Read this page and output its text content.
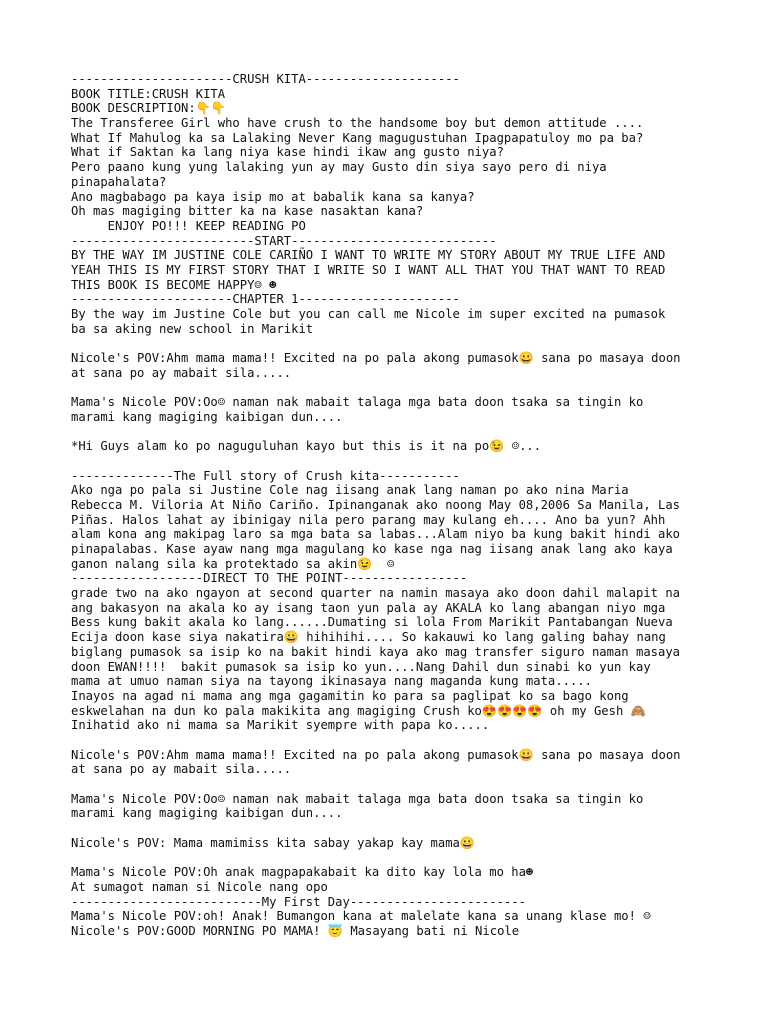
----------------------CRUSH KITA---------------------
BOOK TITLE:CRUSH KITA
BOOK DESCRIPTION:👇👇
The Transferee Girl who have crush to the handsome boy but demon attitude ....
What If Mahulog ka sa Lalaking Never Kang magugustuhan Ipagpapatuloy mo pa ba?
What if Saktan ka lang niya kase hindi ikaw ang gusto niya?
Pero paano kung yung lalaking yun ay may Gusto din siya sayo pero di niya
pinapahalata?
Ano magbabago pa kaya isip mo at babalik kana sa kanya?
Oh mas magiging bitter ka na kase nasaktan kana?
ENJOY PO!!! KEEP READING PO
-------------------------START----------------------------
BY THE WAY IM JUSTINE COLE CARIÑO I WANT TO WRITE MY STORY ABOUT MY TRUE LIFE AND
YEAH THIS IS MY FIRST STORY THAT I WRITE SO I WANT ALL THAT YOU THAT WANT TO READ
THIS BOOK IS BECOME HAPPY☺ ☻
----------------------CHAPTER 1----------------------
By the way im Justine Cole but you can call me Nicole im super excited na pumasok
ba sa aking new school in Marikit
Nicole's POV:Ahm mama mama!! Excited na po pala akong pumasok😀 sana po masaya doon
at sana po ay mabait sila.....
Mama's Nicole POV:Oo☺ naman nak mabait talaga mga bata doon tsaka sa tingin ko
marami kang magiging kaibigan dun....
*Hi Guys alam ko po naguguluhan kayo but this is it na po😉 ☺...
--------------The Full story of Crush kita-----------
Ako nga po pala si Justine Cole nag iisang anak lang naman po ako nina Maria
Rebecca M. Viloria At Niño Cariño. Ipinanganak ako noong May 08,2006 Sa Manila, Las
Piñas. Halos lahat ay ibinigay nila pero parang may kulang eh.... Ano ba yun? Ahh
alam kona ang makipag laro sa mga bata sa labas...Alam niyo ba kung bakit hindi ako
pinapalabas. Kase ayaw nang mga magulang ko kase nga nag iisang anak lang ako kaya
ganon nalang sila ka protektado sa akin😉  ☺
------------------DIRECT TO THE POINT-----------------
grade two na ako ngayon at second quarter na namin masaya ako doon dahil malapit na
ang bakasyon na akala ko ay isang taon yun pala ay AKALA ko lang abangan niyo mga
Bess kung bakit akala ko lang......Dumating si lola From Marikit Pantabangan Nueva
Ecija doon kase siya nakatira😀 hihihihi.... So kakauwi ko lang galing bahay nang
biglang pumasok sa isip ko na bakit hindi kaya ako mag transfer siguro naman masaya
doon EWAN!!!!  bakit pumasok sa isip ko yun....Nang Dahil dun sinabi ko yun kay
mama at umuo naman siya na tayong ikinasaya nang maganda kung mata.....
Inayos na agad ni mama ang mga gagamitin ko para sa paglipat ko sa bago kong
eskwelahan na dun ko pala makikita ang magiging Crush ko😍😍😍😍 oh my Gesh 🙈
Inihatid ako ni mama sa Marikit syempre with papa ko.....
Nicole's POV:Ahm mama mama!! Excited na po pala akong pumasok😀 sana po masaya doon
at sana po ay mabait sila.....
Mama's Nicole POV:Oo☺ naman nak mabait talaga mga bata doon tsaka sa tingin ko
marami kang magiging kaibigan dun....
Nicole's POV: Mama mamimiss kita sabay yakap kay mama😀
Mama's Nicole POV:Oh anak magpapakabait ka dito kay lola mo ha☻
At sumagot naman si Nicole nang opo
--------------------------My First Day------------------------
Mama's Nicole POV:oh! Anak! Bumangon kana at malelate kana sa unang klase mo! ☺
Nicole's POV:GOOD MORNING PO MAMA! 😇 Masayang bati ni Nicole
